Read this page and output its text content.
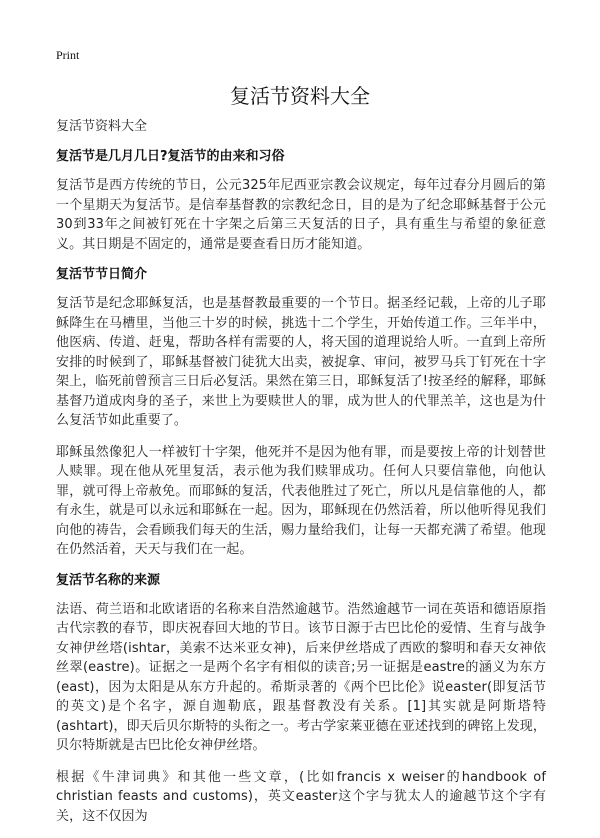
Print
复活节资料大全
复活节资料大全
复活节是几月几日?复活节的由来和习俗

复活节是西方传统的节日，公元325年尼西亚宗教会议规定，每年过春分月圆后的第一个星期天为复活节。是信奉基督教的宗教纪念日，目的是为了纪念耶稣基督于公元30到33年之间被钉死在十字架之后第三天复活的日子，具有重生与希望的象征意义。其日期是不固定的，通常是要查看日历才能知道。

复活节节日简介

复活节是纪念耶稣复活，也是基督教最重要的一个节日。据圣经记载，上帝的儿子耶稣降生在马槽里，当他三十岁的时候，挑选十二个学生，开始传道工作。三年半中，他医病、传道、赶鬼，帮助各样有需要的人，将天国的道理说给人听。一直到上帝所安排的时候到了，耶稣基督被门徒犹大出卖，被捉拿、审问，被罗马兵丁钉死在十字架上，临死前曾预言三日后必复活。果然在第三日，耶稣复活了!按圣经的解释，耶稣基督乃道成肉身的圣子，来世上为要赎世人的罪，成为世人的代罪羔羊，这也是为什么复活节如此重要了。

耶稣虽然像犯人一样被钉十字架，他死并不是因为他有罪，而是要按上帝的计划替世人赎罪。现在他从死里复活，表示他为我们赎罪成功。任何人只要信靠他，向他认罪，就可得上帝赦免。而耶稣的复活，代表他胜过了死亡，所以凡是信靠他的人，都有永生，就是可以永远和耶稣在一起。因为，耶稣现在仍然活着，所以他听得见我们向他的祷告，会看顾我们每天的生活，赐力量给我们，让每一天都充满了希望。他现在仍然活着，天天与我们在一起。

复活节名称的来源

法语、荷兰语和北欧诸语的名称来自浩然逾越节。浩然逾越节一词在英语和德语原指古代宗教的春节，即庆祝春回大地的节日。该节日源于古巴比伦的爱情、生育与战争女神伊丝塔(ishtar，美索不达米亚女神)，后来伊丝塔成了西欧的黎明和春天女神依丝翠(eastre)。证据之一是两个名字有相似的读音;另一证据是eastre的涵义为东方(east)，因为太阳是从东方升起的。希斯录著的《两个巴比伦》说easter(即复活节的英文)是个名字，源自迦勒底，跟基督教没有关系。[1]其实就是阿斯塔特(ashtart)，即天后贝尔斯特的头衔之一。考古学家莱亚德在亚述找到的碑铭上发现，贝尔特斯就是古巴比伦女神伊丝塔。

根据《牛津词典》和其他一些文章，(比如francis x weiser的handbook of christian feasts and customs)，英文easter这个字与犹太人的逾越节这个字有关，这不仅因为
